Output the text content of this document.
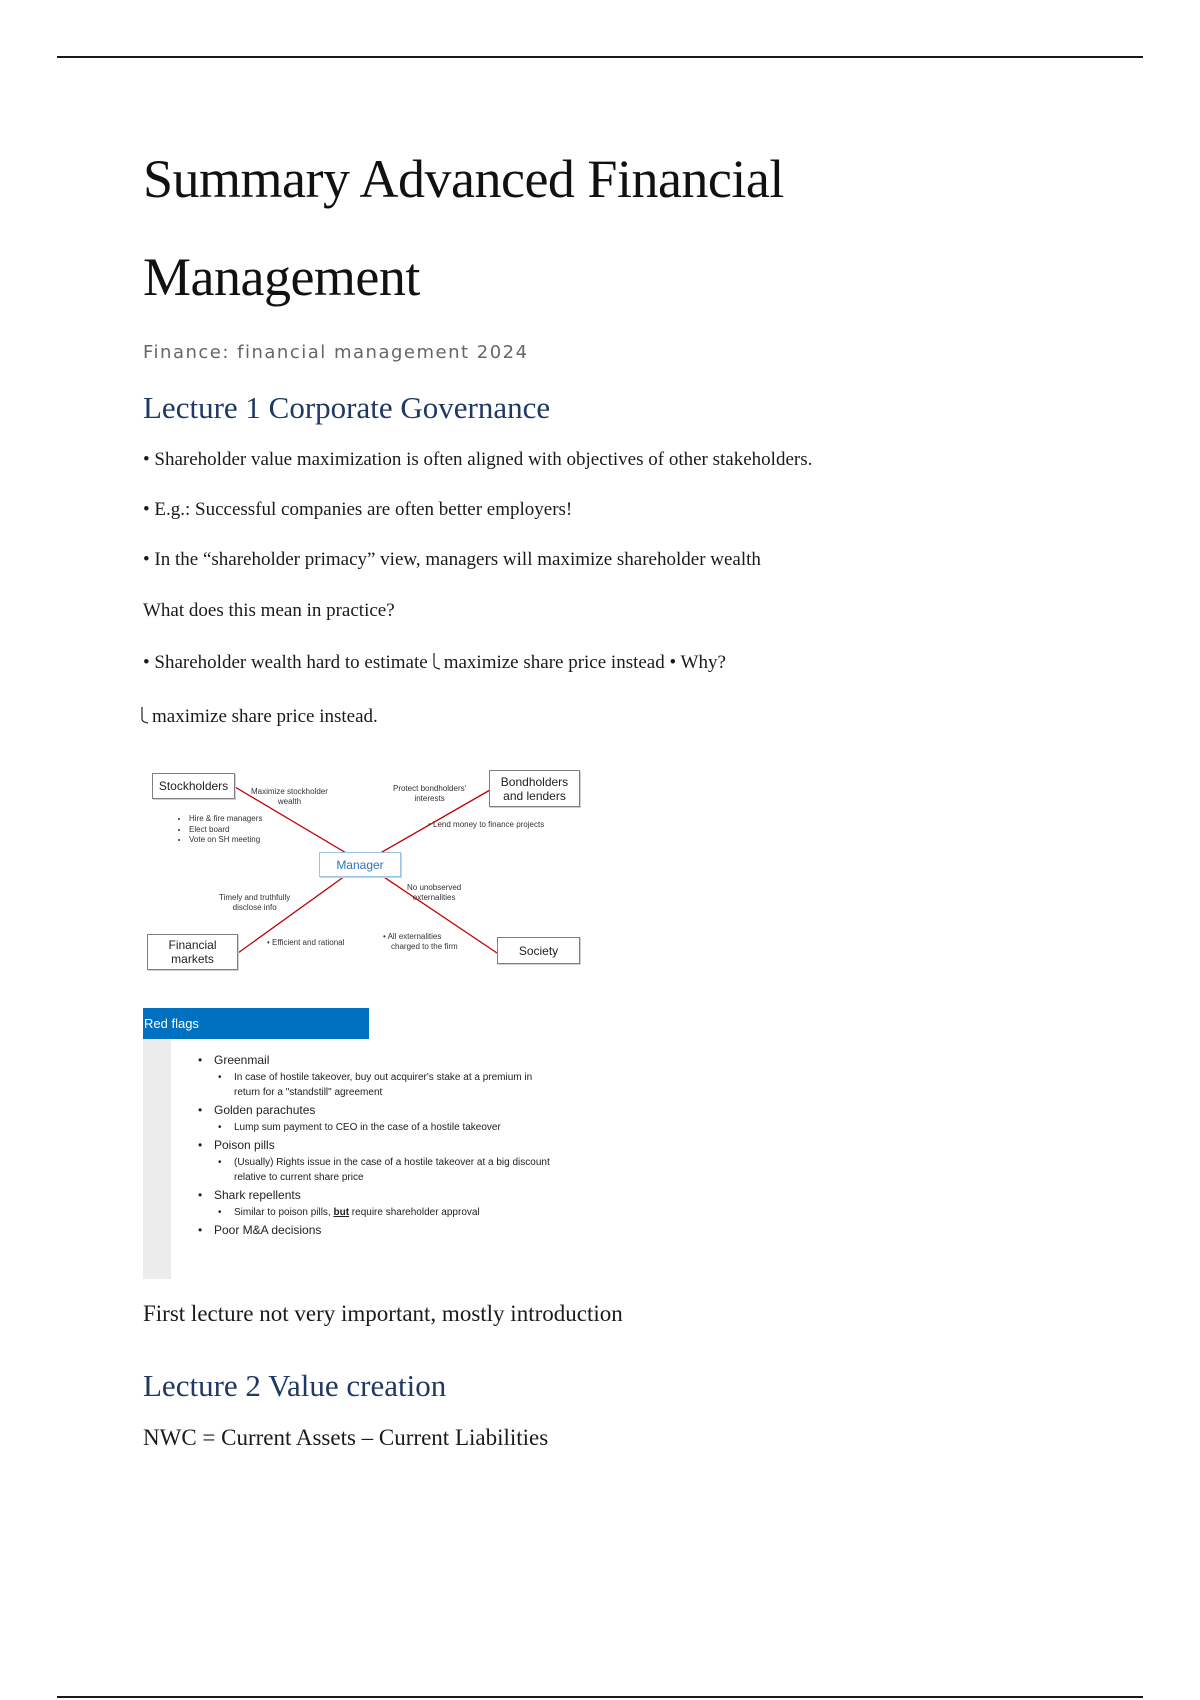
Summary Advanced Financial
Management
Finance: financial management 2024
Lecture 1 Corporate Governance
• Shareholder value maximization is often aligned with objectives of other stakeholders.
• E.g.: Successful companies are often better employers!
• In the “shareholder primacy” view, managers will maximize shareholder wealth
What does this mean in practice?
• Shareholder wealth hard to estimate maximize share price instead • Why?
maximize share price instead.
Stockholders	Bondholders
and lenders
Manager
Financial
markets
Society
Maximize stockholder
wealth
Protect bondholders'
interests
Timely and truthfully
disclose info
No unobserved
externalities
• Hire & fire managers
• Elect board
• Vote on SH meeting
• Lend money to finance projects
• Efficient and rational
• All externalities
charged to the firm
Red flags
• Greenmail
• In case of hostile takeover, buy out acquirer's stake at a premium in
return for a "standstill" agreement
• Golden parachutes
• Lump sum payment to CEO in the case of a hostile takeover
• Poison pills
• (Usually) Rights issue in the case of a hostile takeover at a big discount
relative to current share price
• Shark repellents
• Similar to poison pills, but require shareholder approval
• Poor M&A decisions
First lecture not very important, mostly introduction
Lecture 2 Value creation
NWC = Current Assets – Current Liabilities
